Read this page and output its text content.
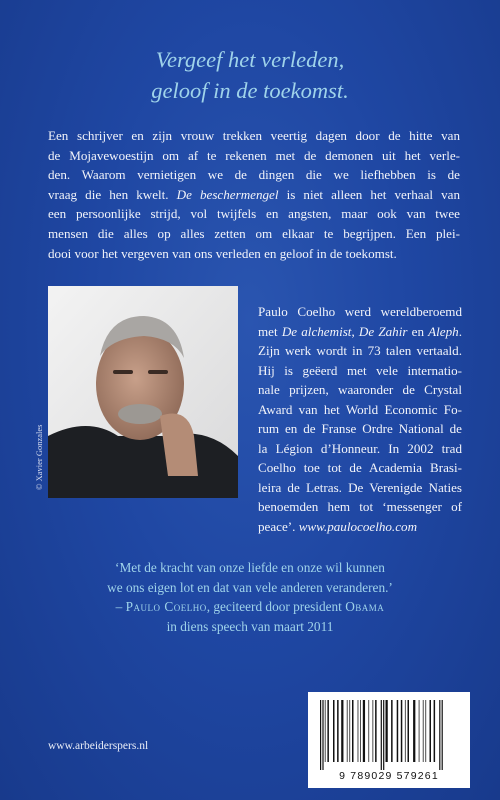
Vergeef het verleden,
geloof in de toekomst.
Een schrijver en zijn vrouw trekken veertig dagen door de hitte van
de Mojavewoestijn om af te rekenen met de demonen uit het verle-
den. Waarom vernietigen we de dingen die we liefhebben is de
vraag die hen kwelt. De beschermengel is niet alleen het verhaal van
een persoonlijke strijd, vol twijfels en angsten, maar ook van twee
mensen die alles op alles zetten om elkaar te begrijpen. Een plei-
dooi voor het vergeven van ons verleden en geloof in de toekomst.
© Xavier Gonzales
Paulo Coelho werd wereldberoemd
met De alchemist, De Zahir en Aleph.
Zijn werk wordt in 73 talen vertaald.
Hij is geëerd met vele internatio-
nale prijzen, waaronder de Crystal
Award van het World Economic Fo-
rum en de Franse Ordre National de
la Légion d’Honneur. In 2002 trad
Coelho toe tot de Academia Brasi-
leira de Letras. De Verenigde Naties
benoemden hem tot ‘messenger of
peace’. www.paulocoelho.com
‘Met de kracht van onze liefde en onze wil kunnen
we ons eigen lot en dat van vele anderen veranderen.’
– Paulo Coelho, geciteerd door president Obama
in diens speech van maart 2011
www.arbeiderspers.nl
9 789029 579261
